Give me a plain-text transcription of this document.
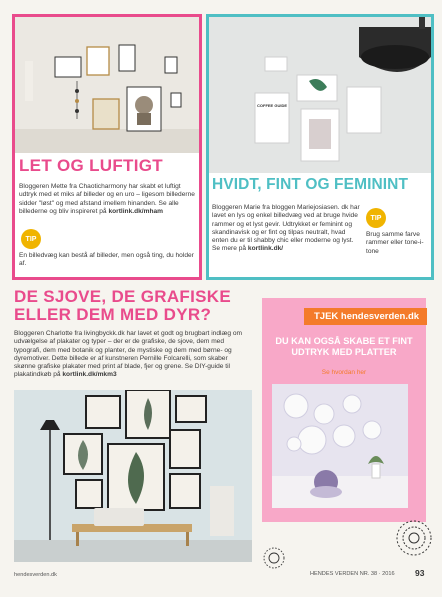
LET OG LUFTIGT
Bloggeren Mette fra Chaoticharmony har skabt et luftigt udtryk med et miks af billeder og en uro – ligesom billederne sidder "løst" og med afstand imellem hinanden. Se alle billederne og bliv inspireret på kortlink.dk/mham
TIP
En billedvæg kan bestå af billeder, men også ting, du holder af.
COFFEE GUIDE
HVIDT, FINT OG FEMININT
Bloggeren Marie fra bloggen Mariejosiasen. dk har lavet en lys og enkel billedvæg ved at bruge hvide rammer og et lyst gevir. Udtrykket er feminint og skandinavisk og er fint og tilpas neutralt, hvad enten du er til shabby chic eller moderne og lyst. Se mere på kortlink.dk/
TIP
Brug samme farve rammer eller tone-i-tone
DE SJOVE, DE GRAFISKE
ELLER DEM MED DYR?
Bloggeren Charlotte fra livingbyckk.dk har lavet et godt og brugbart indlæg om udvælgelse af plakater og typer – der er de grafiske, de sjove, dem med typografi, dem med botanik og planter, de mystiske og dem med børne- og dyremotiver. Dette billede er af kunstneren Pernille Folcarelli, som skaber skønne grafiske plakater med print af blade, fjer og grene. Se DIY-guide til plakatindkøb på kortlink.dk/mkm3
TJEK hendesverden.dk
DU KAN OGSÅ SKABE ET FINT UDTRYK MED PLATTER
Se hvordan her
hendesverden.dk	HENDES VERDEN NR. 38 · 2016 93
